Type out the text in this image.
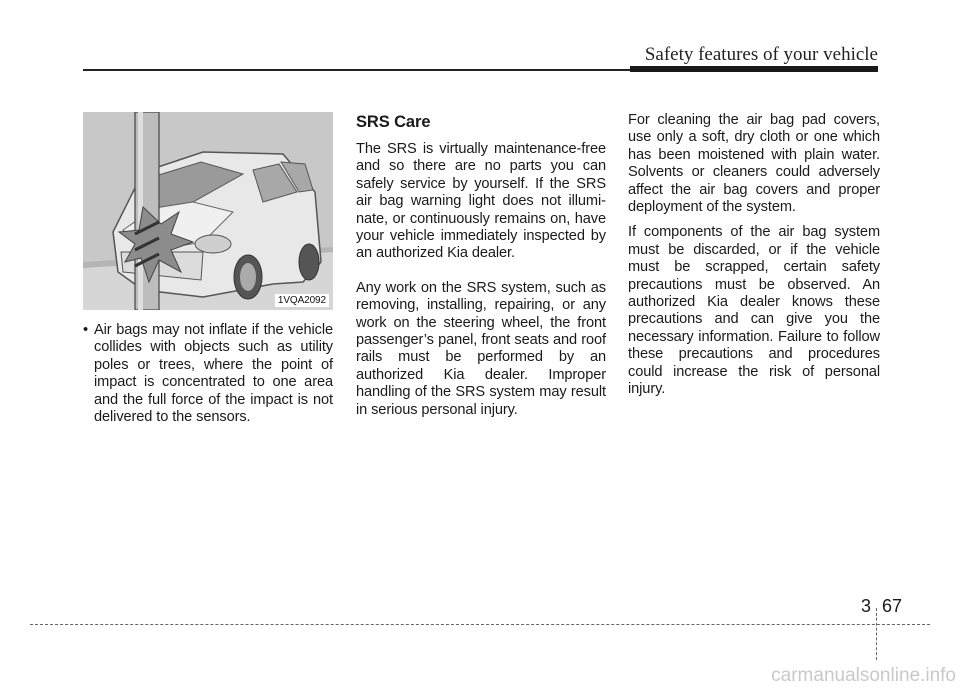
Safety features of your vehicle
1VQA2092

• Air bags may not inflate if the vehicle collides with objects such as utility poles or trees, where the point of impact is concentrated to one area and the full force of the impact is not delivered to the sensors.

SRS Care

The SRS is virtually maintenance-free and so there are no parts you can safely service by yourself. If the SRS air bag warning light does not illuminate, or continuously remains on, have your vehicle immediately inspected by an authorized Kia dealer.

Any work on the SRS system, such as removing, installing, repairing, or any work on the steering wheel, the front passenger’s panel, front seats and roof rails must be performed by an authorized Kia dealer. Improper handling of the SRS system may result in serious personal injury.

For cleaning the air bag pad covers, use only a soft, dry cloth or one which has been moistened with plain water. Solvents or cleaners could adversely affect the air bag covers and proper deployment of the system.

If components of the air bag system must be discarded, or if the vehicle must be scrapped, certain safety precautions must be observed. An authorized Kia dealer knows these precautions and can give you the necessary information. Failure to follow these precautions and procedures could increase the risk of personal injury.

3 67
carmanualsonline.info
